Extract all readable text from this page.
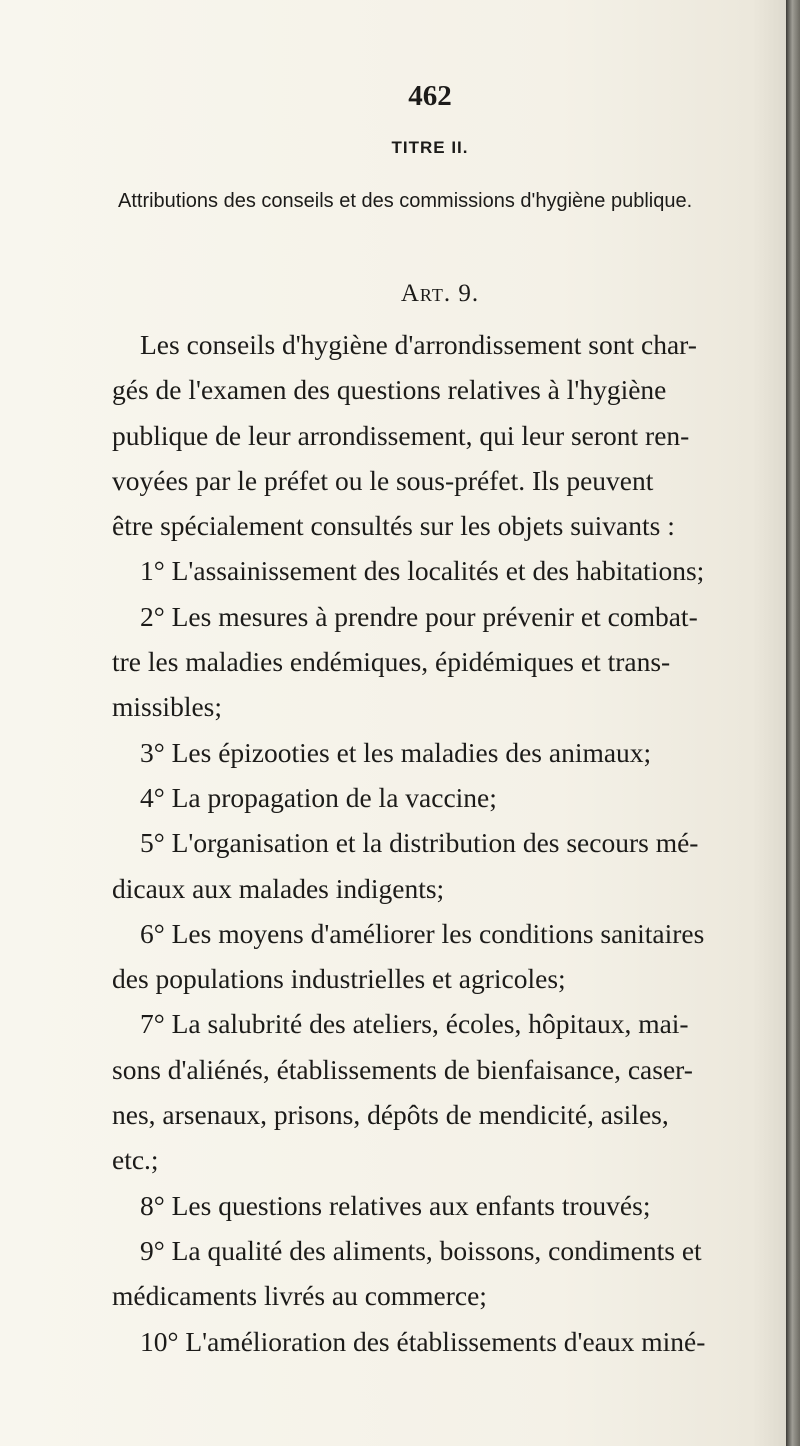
462
TITRE II.
Attributions des conseils et des commissions d'hygiène publique.
Art. 9.
Les conseils d'hygiène d'arrondissement sont char-
gés de l'examen des questions relatives à l'hygiène
publique de leur arrondissement, qui leur seront ren-
voyées par le préfet ou le sous-préfet. Ils peuvent
être spécialement consultés sur les objets suivants :
1° L'assainissement des localités et des habitations;
2° Les mesures à prendre pour prévenir et combat-
tre les maladies endémiques, épidémiques et trans-
missibles;
3° Les épizooties et les maladies des animaux;
4° La propagation de la vaccine;
5° L'organisation et la distribution des secours mé-
dicaux aux malades indigents;
6° Les moyens d'améliorer les conditions sanitaires
des populations industrielles et agricoles;
7° La salubrité des ateliers, écoles, hôpitaux, mai-
sons d'aliénés, établissements de bienfaisance, caser-
nes, arsenaux, prisons, dépôts de mendicité, asiles,
etc.;
8° Les questions relatives aux enfants trouvés;
9° La qualité des aliments, boissons, condiments et
médicaments livrés au commerce;
10° L'amélioration des établissements d'eaux miné-
